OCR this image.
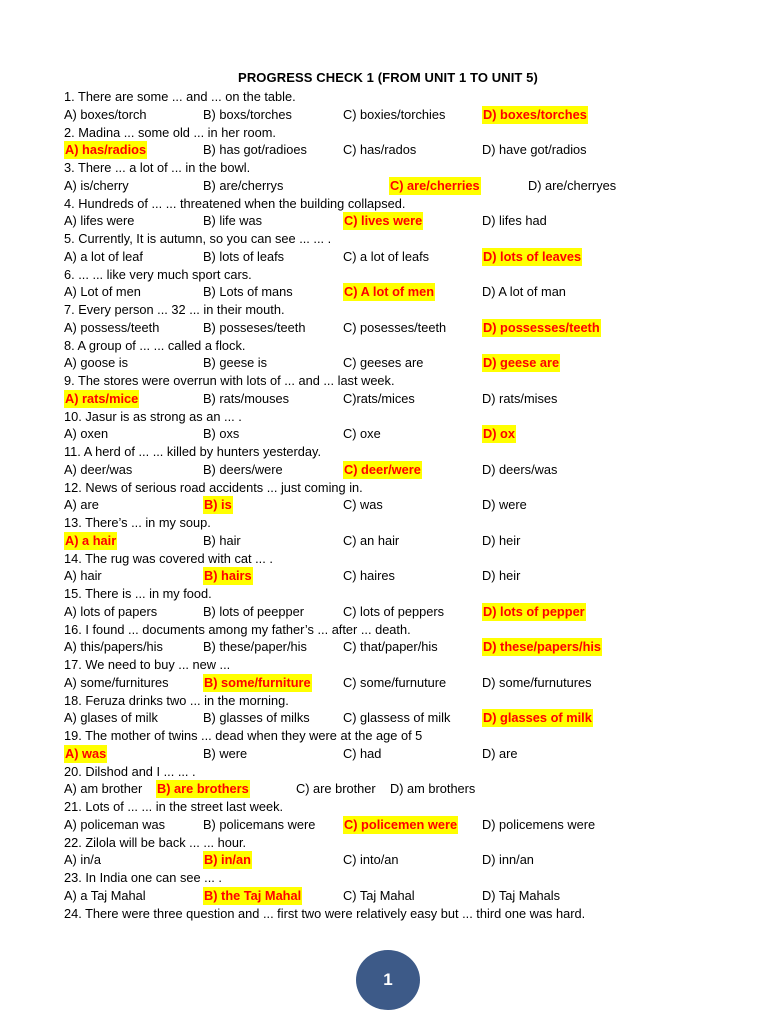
PROGRESS CHECK 1 (FROM UNIT 1 TO UNIT 5)
1. There are some ... and ... on the table.
A) boxes/torch	B) boxs/torches	C) boxies/torchies	D) boxes/torches
2. Madina ... some old ... in her room.
A) has/radios	B) has got/radioes	C) has/rados	D) have got/radios
3. There ... a lot of ... in the bowl.
A) is/cherry	B) are/cherrys	C) are/cherries	D) are/cherryes
4. Hundreds of ... ... threatened when the building collapsed.
A) lifes were	B) life was	C) lives were	D) lifes had
5. Currently, It is autumn, so you can see ... ... .
A) a lot of leaf	B) lots of leafs	C) a lot of leafs	D) lots of leaves
6. ... ... like very much sport cars.
A) Lot of men	B) Lots of mans	C) A lot of men	D) A lot of man
7. Every person ... 32 ... in their mouth.
A) possess/teeth	B) posseses/teeth	C) posesses/teeth	D) possesses/teeth
8. A group of ... ... called a flock.
A) goose is	B) geese is	C) geeses are	D) geese are
9. The stores were overrun with lots of ... and ... last week.
A) rats/mice	B) rats/mouses	C)rats/mices	D) rats/mises
10. Jasur is as strong as an ... .
A) oxen	B) oxs	C) oxe	D) ox
11. A herd of ... ... killed by hunters yesterday.
A) deer/was	B) deers/were	C) deer/were	D) deers/was
12. News of serious road accidents ... just coming in.
A) are	B) is	C) was	D) were
13. There’s ... in my soup.
A) a hair	B) hair	C) an hair	D) heir
14. The rug was covered with cat ... .
A) hair	B) hairs	C) haires	D) heir
15. There is ... in my food.
A) lots of papers	B) lots of peepper	C) lots of peppers	D) lots of pepper
16. I found ... documents among my father’s ... after ... death.
A) this/papers/his	B) these/paper/his	C) that/paper/his	D) these/papers/his
17. We need to buy ... new ...
A) some/furnitures	B) some/furniture	C) some/furnuture	D) some/furnutures
18. Feruza drinks two ... in the morning.
A) glases of milk	B) glasses of milks	C) glassess of milk	D) glasses of milk
19. The mother of twins ... dead when they were at the age of 5
A) was	B) were	C) had	D) are
20. Dilshod and I ... ... .
A) am brother B) are brothers	C) are brother D) am brothers
21. Lots of ... ... in the street last week.
A) policeman was	B) policemans were C) policemen were D) policemens were
22. Zilola will be back ... ... hour.
A) in/a	B) in/an	C) into/an	D) inn/an
23. In India one can see ... .
A) a Taj Mahal	B) the Taj Mahal	C) Taj Mahal	D) Taj Mahals
24. There were three question and ... first two were relatively easy but ... third one was hard.
1
